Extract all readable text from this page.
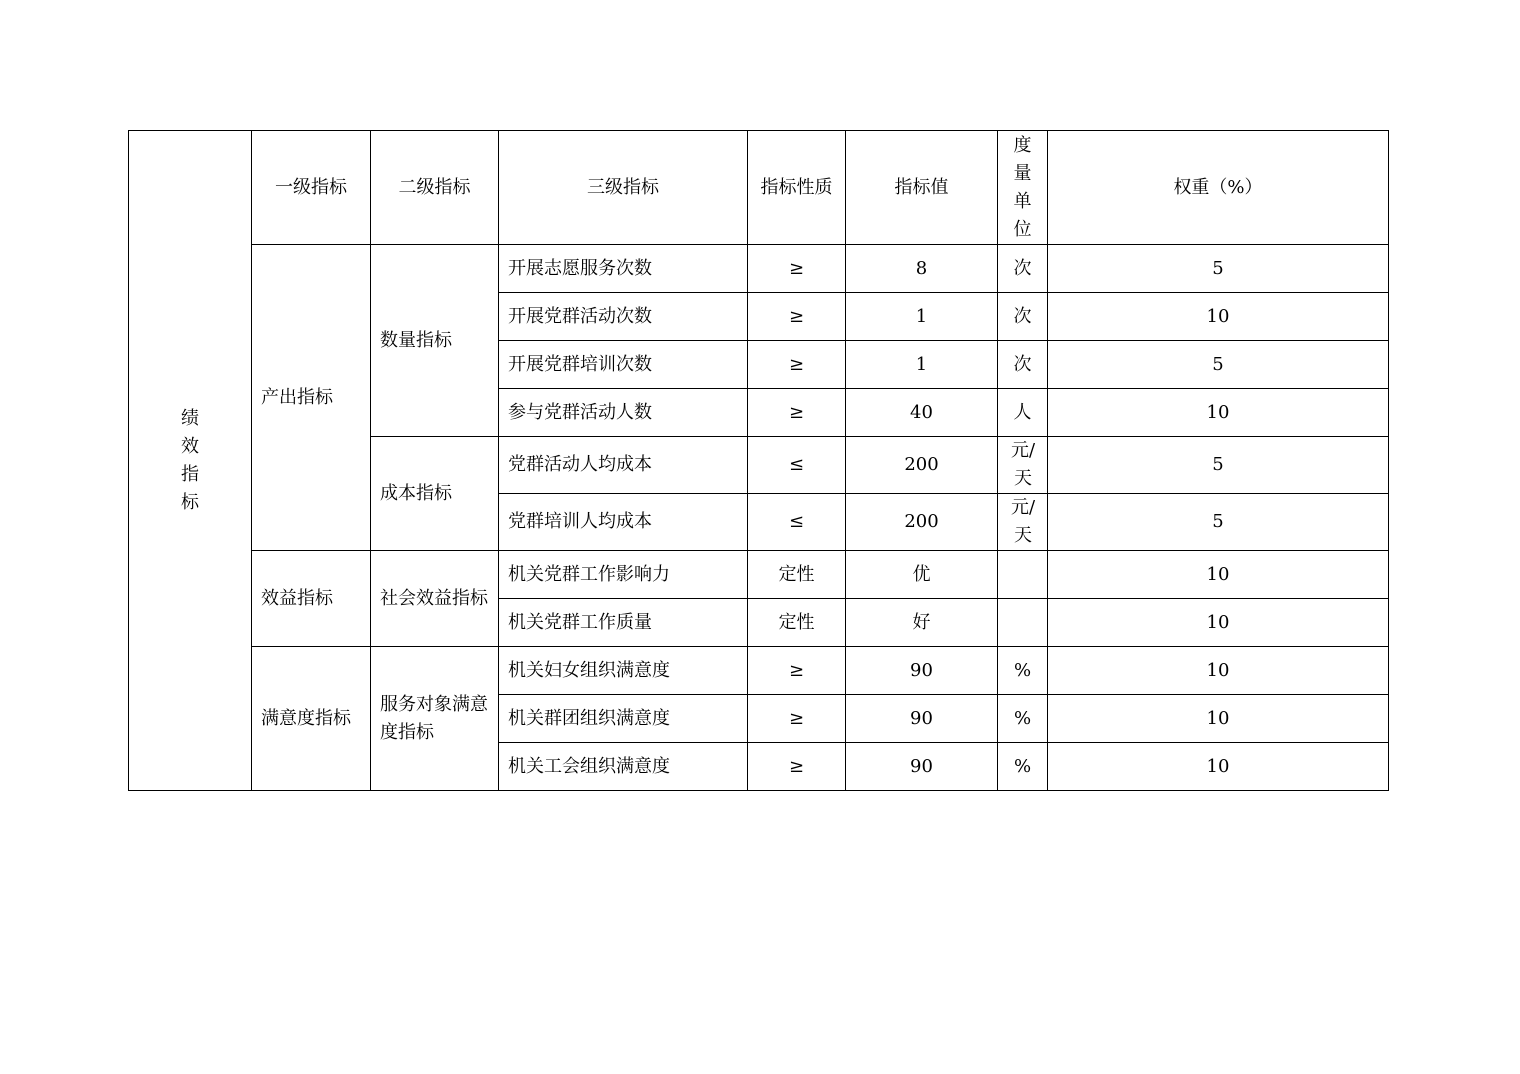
绩效指标	一级指标	二级指标	三级指标	指标性质	指标值	度量单位	权重（%）
	产出指标	数量指标	开展志愿服务次数	≥	8	次	5
			开展党群活动次数	≥	1	次	10
			开展党群培训次数	≥	1	次	5
			参与党群活动人数	≥	40	人	10
		成本指标	党群活动人均成本	≤	200	元/天	5
			党群培训人均成本	≤	200	元/天	5
	效益指标	社会效益指标	机关党群工作影响力	定性	优		10
			机关党群工作质量	定性	好		10
	满意度指标	服务对象满意度指标	机关妇女组织满意度	≥	90	%	10
			机关群团组织满意度	≥	90	%	10
			机关工会组织满意度	≥	90	%	10
